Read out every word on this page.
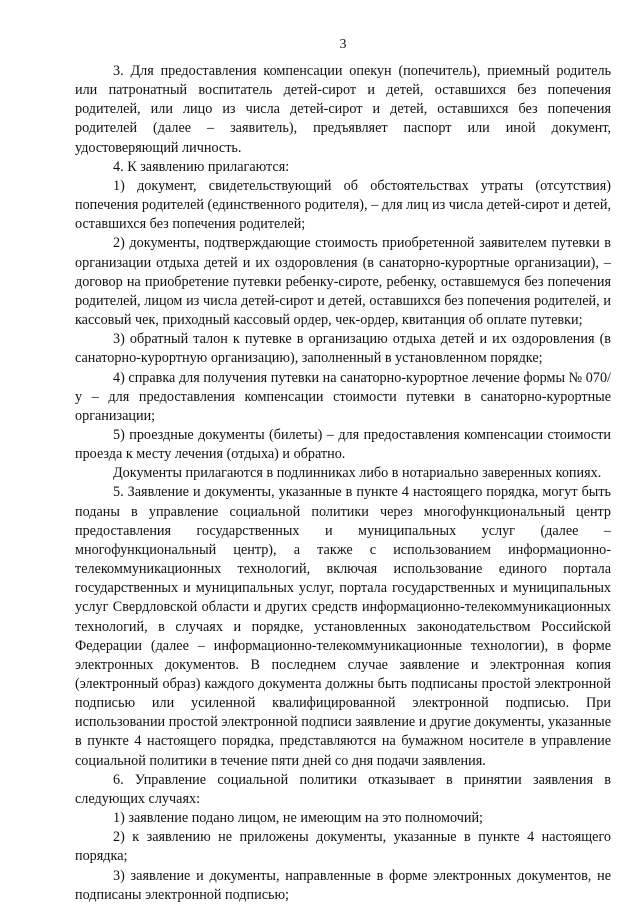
3

3. Для предоставления компенсации опекун (попечитель), приемный родитель или патронатный воспитатель детей-сирот и детей, оставшихся без попечения родителей, или лицо из числа детей-сирот и детей, оставшихся без попечения родителей (далее – заявитель), предъявляет паспорт или иной документ, удостоверяющий личность.

4. К заявлению прилагаются:

1) документ, свидетельствующий об обстоятельствах утраты (отсутствия) попечения родителей (единственного родителя), – для лиц из числа детей-сирот и детей, оставшихся без попечения родителей;

2) документы, подтверждающие стоимость приобретенной заявителем путевки в организации отдыха детей и их оздоровления (в санаторно-курортные организации), – договор на приобретение путевки ребенку-сироте, ребенку, оставшемуся без попечения родителей, лицом из числа детей-сирот и детей, оставшихся без попечения родителей, и кассовый чек, приходный кассовый ордер, чек-ордер, квитанция об оплате путевки;

3) обратный талон к путевке в организацию отдыха детей и их оздоровления (в санаторно-курортную организацию), заполненный в установленном порядке;

4) справка для получения путевки на санаторно-курортное лечение формы № 070/у – для предоставления компенсации стоимости путевки в санаторно-курортные организации;

5) проездные документы (билеты) – для предоставления компенсации стоимости проезда к месту лечения (отдыха) и обратно.

Документы прилагаются в подлинниках либо в нотариально заверенных копиях.

5. Заявление и документы, указанные в пункте 4 настоящего порядка, могут быть поданы в управление социальной политики через многофункциональный центр предоставления государственных и муниципальных услуг (далее – многофункциональный центр), а также с использованием информационно-телекоммуникационных технологий, включая использование единого портала государственных и муниципальных услуг, портала государственных и муниципальных услуг Свердловской области и других средств информационно-телекоммуникационных технологий, в случаях и порядке, установленных законодательством Российской Федерации (далее – информационно-телекоммуникационные технологии), в форме электронных документов. В последнем случае заявление и электронная копия (электронный образ) каждого документа должны быть подписаны простой электронной подписью или усиленной квалифицированной электронной подписью. При использовании простой электронной подписи заявление и другие документы, указанные в пункте 4 настоящего порядка, представляются на бумажном носителе в управление социальной политики в течение пяти дней со дня подачи заявления.

6. Управление социальной политики отказывает в принятии заявления в следующих случаях:

1) заявление подано лицом, не имеющим на это полномочий;

2) к заявлению не приложены документы, указанные в пункте 4 настоящего порядка;

3) заявление и документы, направленные в форме электронных документов, не подписаны электронной подписью;
